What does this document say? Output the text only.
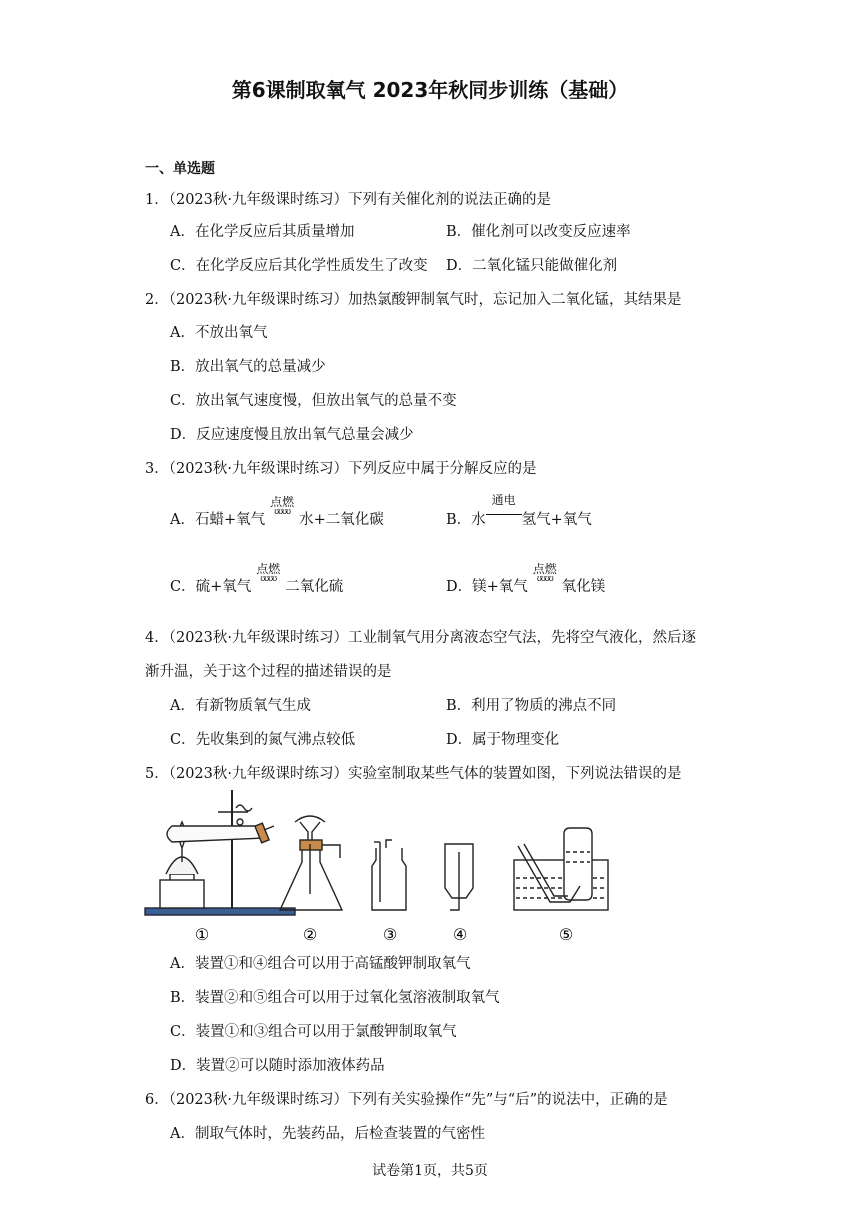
第6课制取氧气 2023年秋同步训练（基础）
一、单选题
1．（2023秋·九年级课时练习）下列有关催化剂的说法正确的是
A．在化学反应后其质量增加	B．催化剂可以改变反应速率
C．在化学反应后其化学性质发生了改变 D．二氧化锰只能做催化剂
2．（2023秋·九年级课时练习）加热氯酸钾制氧气时，忘记加入二氧化锰，其结果是
A．不放出氧气
B．放出氧气的总量减少
C．放出氧气速度慢，但放出氧气的总量不变
D．反应速度慢且放出氧气总量会减少
3．（2023秋·九年级课时练习）下列反应中属于分解反应的是
A．石蜡+氧气
点燃
ʊʊʊʊ
水+二氧化碳	B．水
通电
氢气+氧气
C．硫+氧气
点燃
ʊʊʊʊ
二氧化硫	D．镁+氧气
点燃
ʊʊʊʊ
氧化镁
4．（2023秋·九年级课时练习）工业制氧气用分离液态空气法，先将空气液化，然后逐
渐升温，关于这个过程的描述错误的是
A．有新物质氧气生成	B．利用了物质的沸点不同
C．先收集到的氮气沸点较低	D．属于物理变化
5．（2023秋·九年级课时练习）实验室制取某些气体的装置如图，下列说法错误的是
①	②	③	④	⑤
A．装置①和④组合可以用于高锰酸钾制取氧气
B．装置②和⑤组合可以用于过氧化氢溶液制取氧气
C．装置①和③组合可以用于氯酸钾制取氧气
D．装置②可以随时添加液体药品
6．（2023秋·九年级课时练习）下列有关实验操作“先”与“后”的说法中，正确的是
A．制取气体时，先装药品，后检查装置的气密性
试卷第1页，共5页
